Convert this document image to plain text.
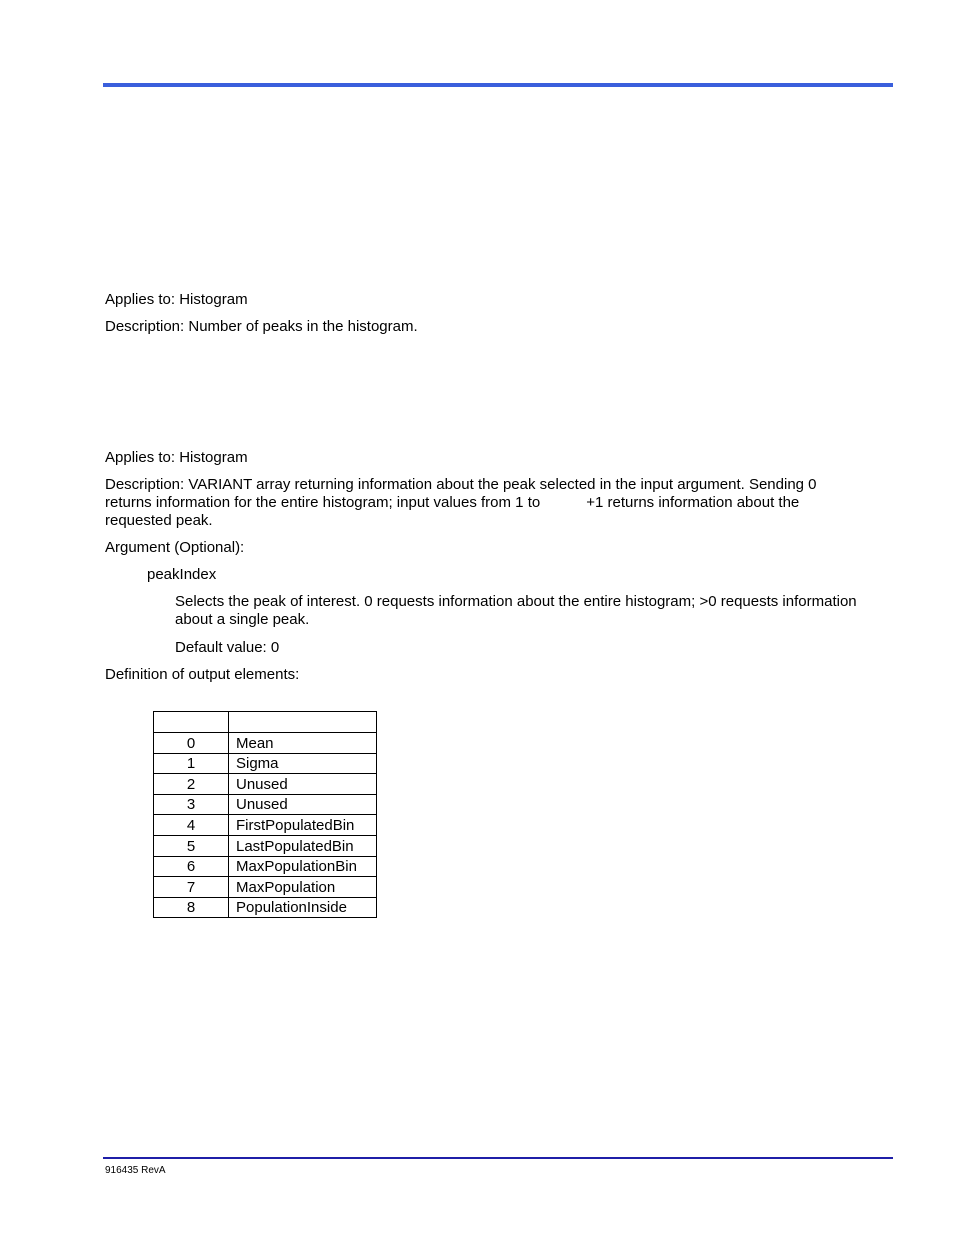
Applies to: Histogram

Description: Number of peaks in the histogram.

Applies to: Histogram

Description: VARIANT array returning information about the peak selected in the input argument. Sending 0
returns information for the entire histogram; input values from 1 to	+1 returns information about the
requested peak.

Argument (Optional):

peakIndex

Selects the peak of interest. 0 requests information about the entire histogram; >0 requests information
about a single peak.

Default value: 0

Definition of output elements:

0	Mean
1	Sigma
2	Unused
3	Unused
4	FirstPopulatedBin
5	LastPopulatedBin
6	MaxPopulationBin
7	MaxPopulation
8	PopulationInside
916435 RevA
